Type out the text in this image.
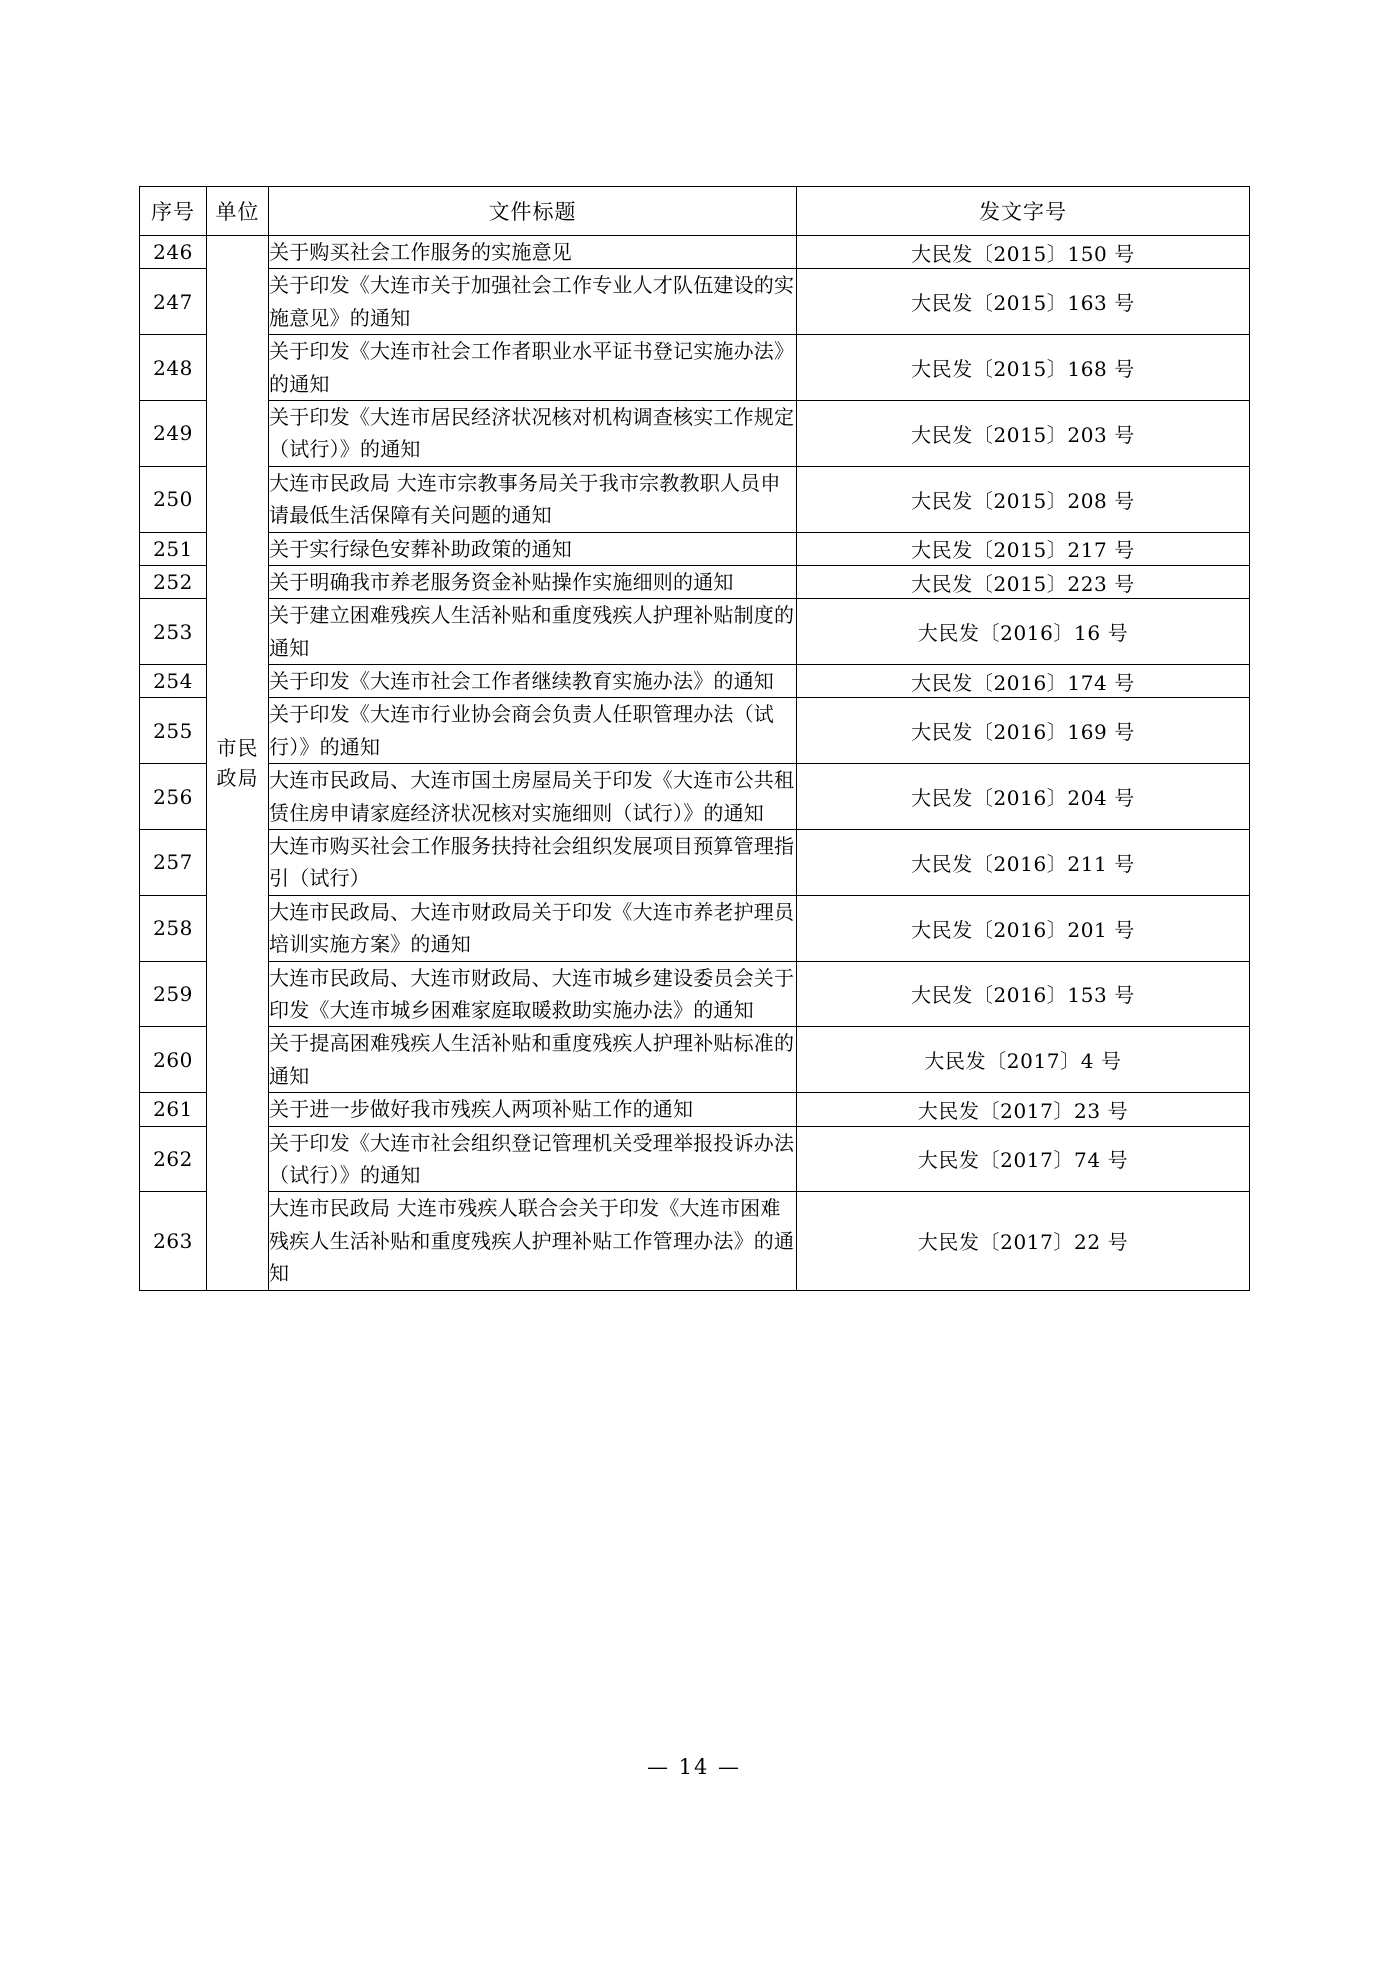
序号	单位	文件标题	发文字号
246	市民政局	关于购买社会工作服务的实施意见	大民发〔2015〕150 号
247		关于印发《大连市关于加强社会工作专业人才队伍建设的实施意见》的通知	大民发〔2015〕163 号
248		关于印发《大连市社会工作者职业水平证书登记实施办法》的通知	大民发〔2015〕168 号
249		关于印发《大连市居民经济状况核对机构调查核实工作规定（试行）》的通知	大民发〔2015〕203 号
250		大连市民政局 大连市宗教事务局关于我市宗教教职人员申请最低生活保障有关问题的通知	大民发〔2015〕208 号
251		关于实行绿色安葬补助政策的通知	大民发〔2015〕217 号
252		关于明确我市养老服务资金补贴操作实施细则的通知	大民发〔2015〕223 号
253		关于建立困难残疾人生活补贴和重度残疾人护理补贴制度的通知	大民发〔2016〕16 号
254		关于印发《大连市社会工作者继续教育实施办法》的通知	大民发〔2016〕174 号
255		关于印发《大连市行业协会商会负责人任职管理办法（试行）》的通知	大民发〔2016〕169 号
256		大连市民政局、大连市国土房屋局关于印发《大连市公共租赁住房申请家庭经济状况核对实施细则（试行）》的通知	大民发〔2016〕204 号
257		大连市购买社会工作服务扶持社会组织发展项目预算管理指引（试行）	大民发〔2016〕211 号
258		大连市民政局、大连市财政局关于印发《大连市养老护理员培训实施方案》的通知	大民发〔2016〕201 号
259		大连市民政局、大连市财政局、大连市城乡建设委员会关于印发《大连市城乡困难家庭取暖救助实施办法》的通知	大民发〔2016〕153 号
260		关于提高困难残疾人生活补贴和重度残疾人护理补贴标准的通知	大民发〔2017〕4 号
261		关于进一步做好我市残疾人两项补贴工作的通知	大民发〔2017〕23 号
262		关于印发《大连市社会组织登记管理机关受理举报投诉办法（试行）》的通知	大民发〔2017〕74 号
263		大连市民政局 大连市残疾人联合会关于印发《大连市困难残疾人生活补贴和重度残疾人护理补贴工作管理办法》的通知	大民发〔2017〕22 号
— 14 —
